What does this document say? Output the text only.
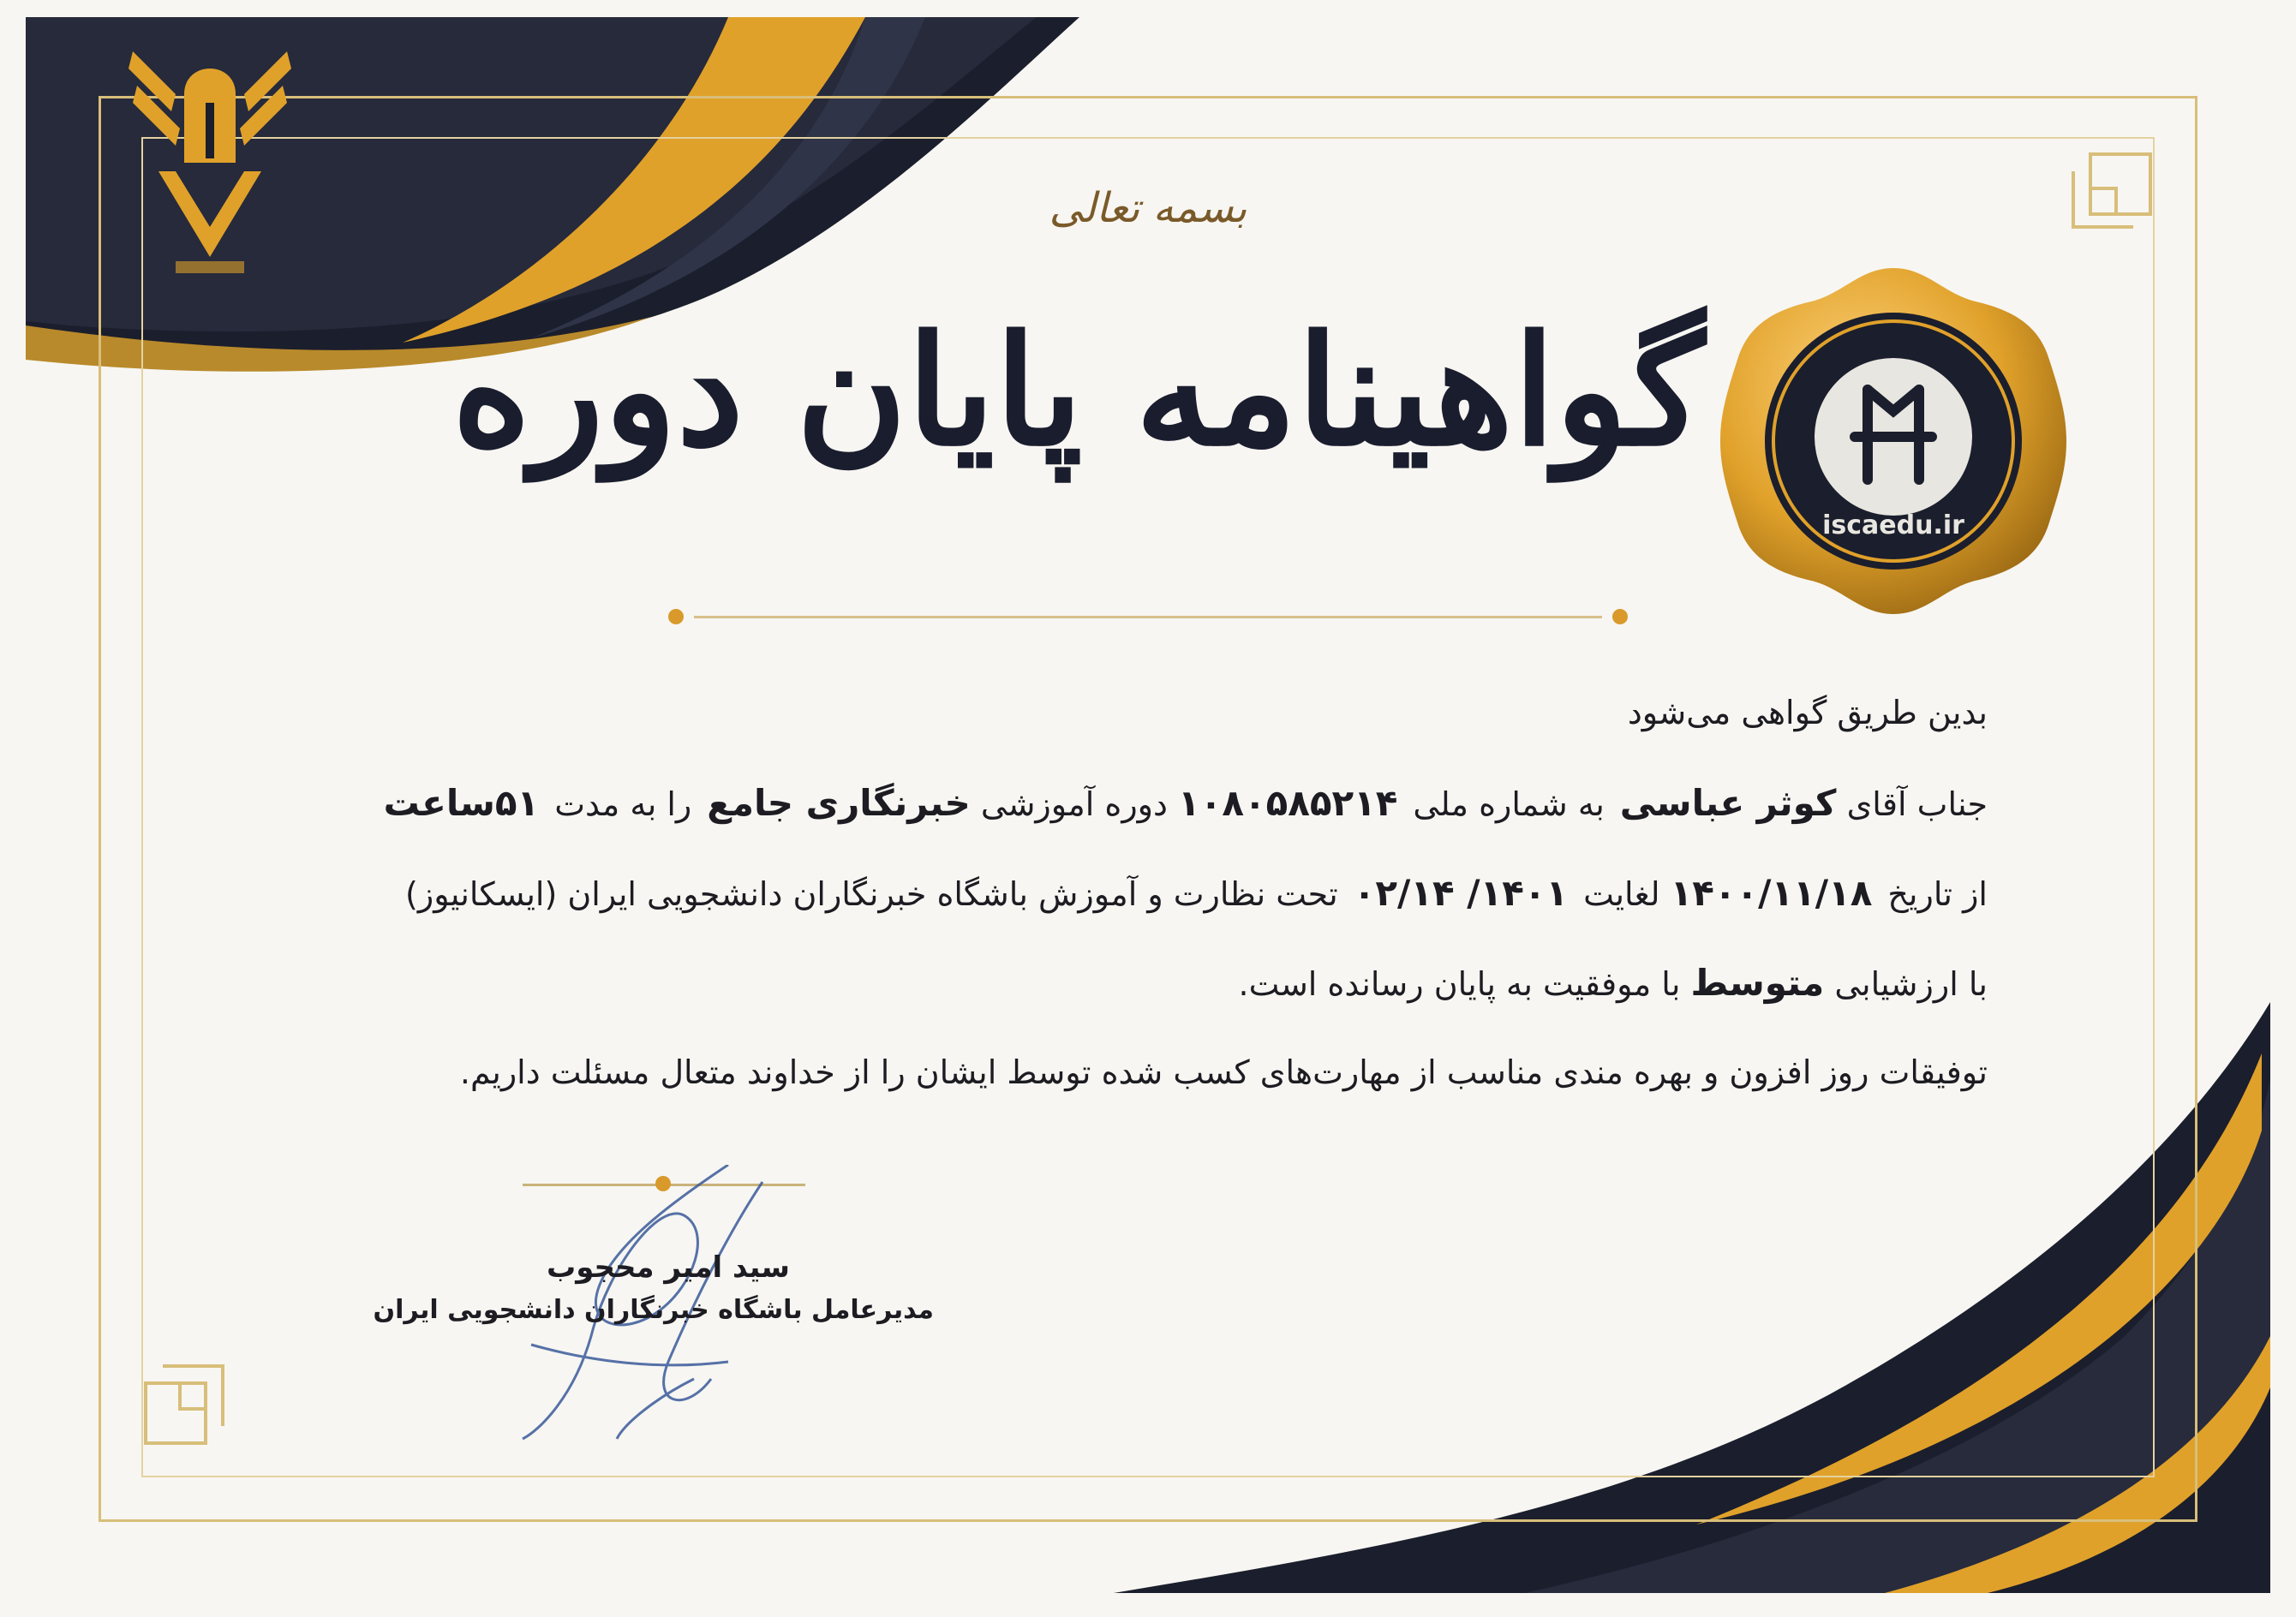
بسمه تعالی
گواهینامه پایان دوره
iscaedu.ir
بدین طریق گواهی می‌شود
جناب آقای کوثر عباسیبه شماره ملی۱۰۸۰۵۸۵۲۱۴ دوره آموزشی خبرنگاری جامعرا به مدت۵۱ساعت
از تاریخ۱۴۰۰/۱۱/۱۸ لغایت۱۴۰۱/ ۰۲/۱۴تحت نظارت و آموزش باشگاه خبرنگاران دانشجویی ایران (ایسکانیوز)
با ارزشیابی متوسط با موفقیت به پایان رسانده است.
توفیقات روز افزون و بهره مندی مناسب از مهارت‌های کسب شده توسط ایشان را از خداوند متعال مسئلت داریم.
سید امیر محجوب
مدیرعامل باشگاه خبرنگاران دانشجویی ایران
